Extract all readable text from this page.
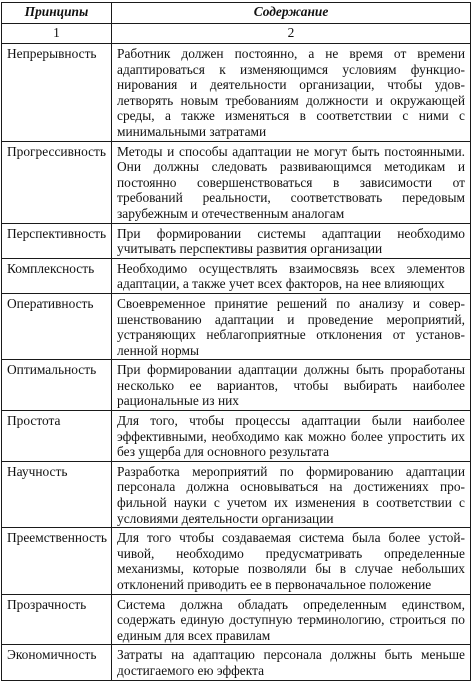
Принципы	Содержание
1	2
Непрерывность	Работник должен постоянно, а не время от времени адаптироваться к изменяющимся условиям функционирования и деятельности организации, чтобы удовлетворять новым требованиям должности и окружающей среды, а также изменяться в соответствии с ними с минимальными затратами
Прогрессивность	Методы и способы адаптации не могут быть постоянными. Они должны следовать развивающимся методикам и постоянно совершенствоваться в зависимости от требований реальности, соответствовать передовым зарубежным и отечественным аналогам
Перспективность	При формировании системы адаптации необходимо учитывать перспективы развития организации
Комплексность	Необходимо осуществлять взаимосвязь всех элементов адаптации, а также учет всех факторов, на нее влияющих
Оперативность	Своевременное принятие решений по анализу и совершенствованию адаптации и проведение мероприятий, устраняющих неблагоприятные отклонения от установленной нормы
Оптимальность	При формировании адаптации должны быть проработаны несколько ее вариантов, чтобы выбирать наиболее рациональные из них
Простота	Для того, чтобы процессы адаптации были наиболее эффективными, необходимо как можно более упростить их без ущерба для основного результата
Научность	Разработка мероприятий по формированию адаптации персонала должна основываться на достижениях профильной науки с учетом их изменения в соответствии с условиями деятельности организации
Преемственность	Для того чтобы создаваемая система была более устойчивой, необходимо предусматривать определенные механизмы, которые позволяли бы в случае небольших отклонений приводить ее в первоначальное положение
Прозрачность	Система должна обладать определенным единством, содержать единую доступную терминологию, строиться по единым для всех правилам
Экономичность	Затраты на адаптацию персонала должны быть меньше достигаемого ею эффекта
